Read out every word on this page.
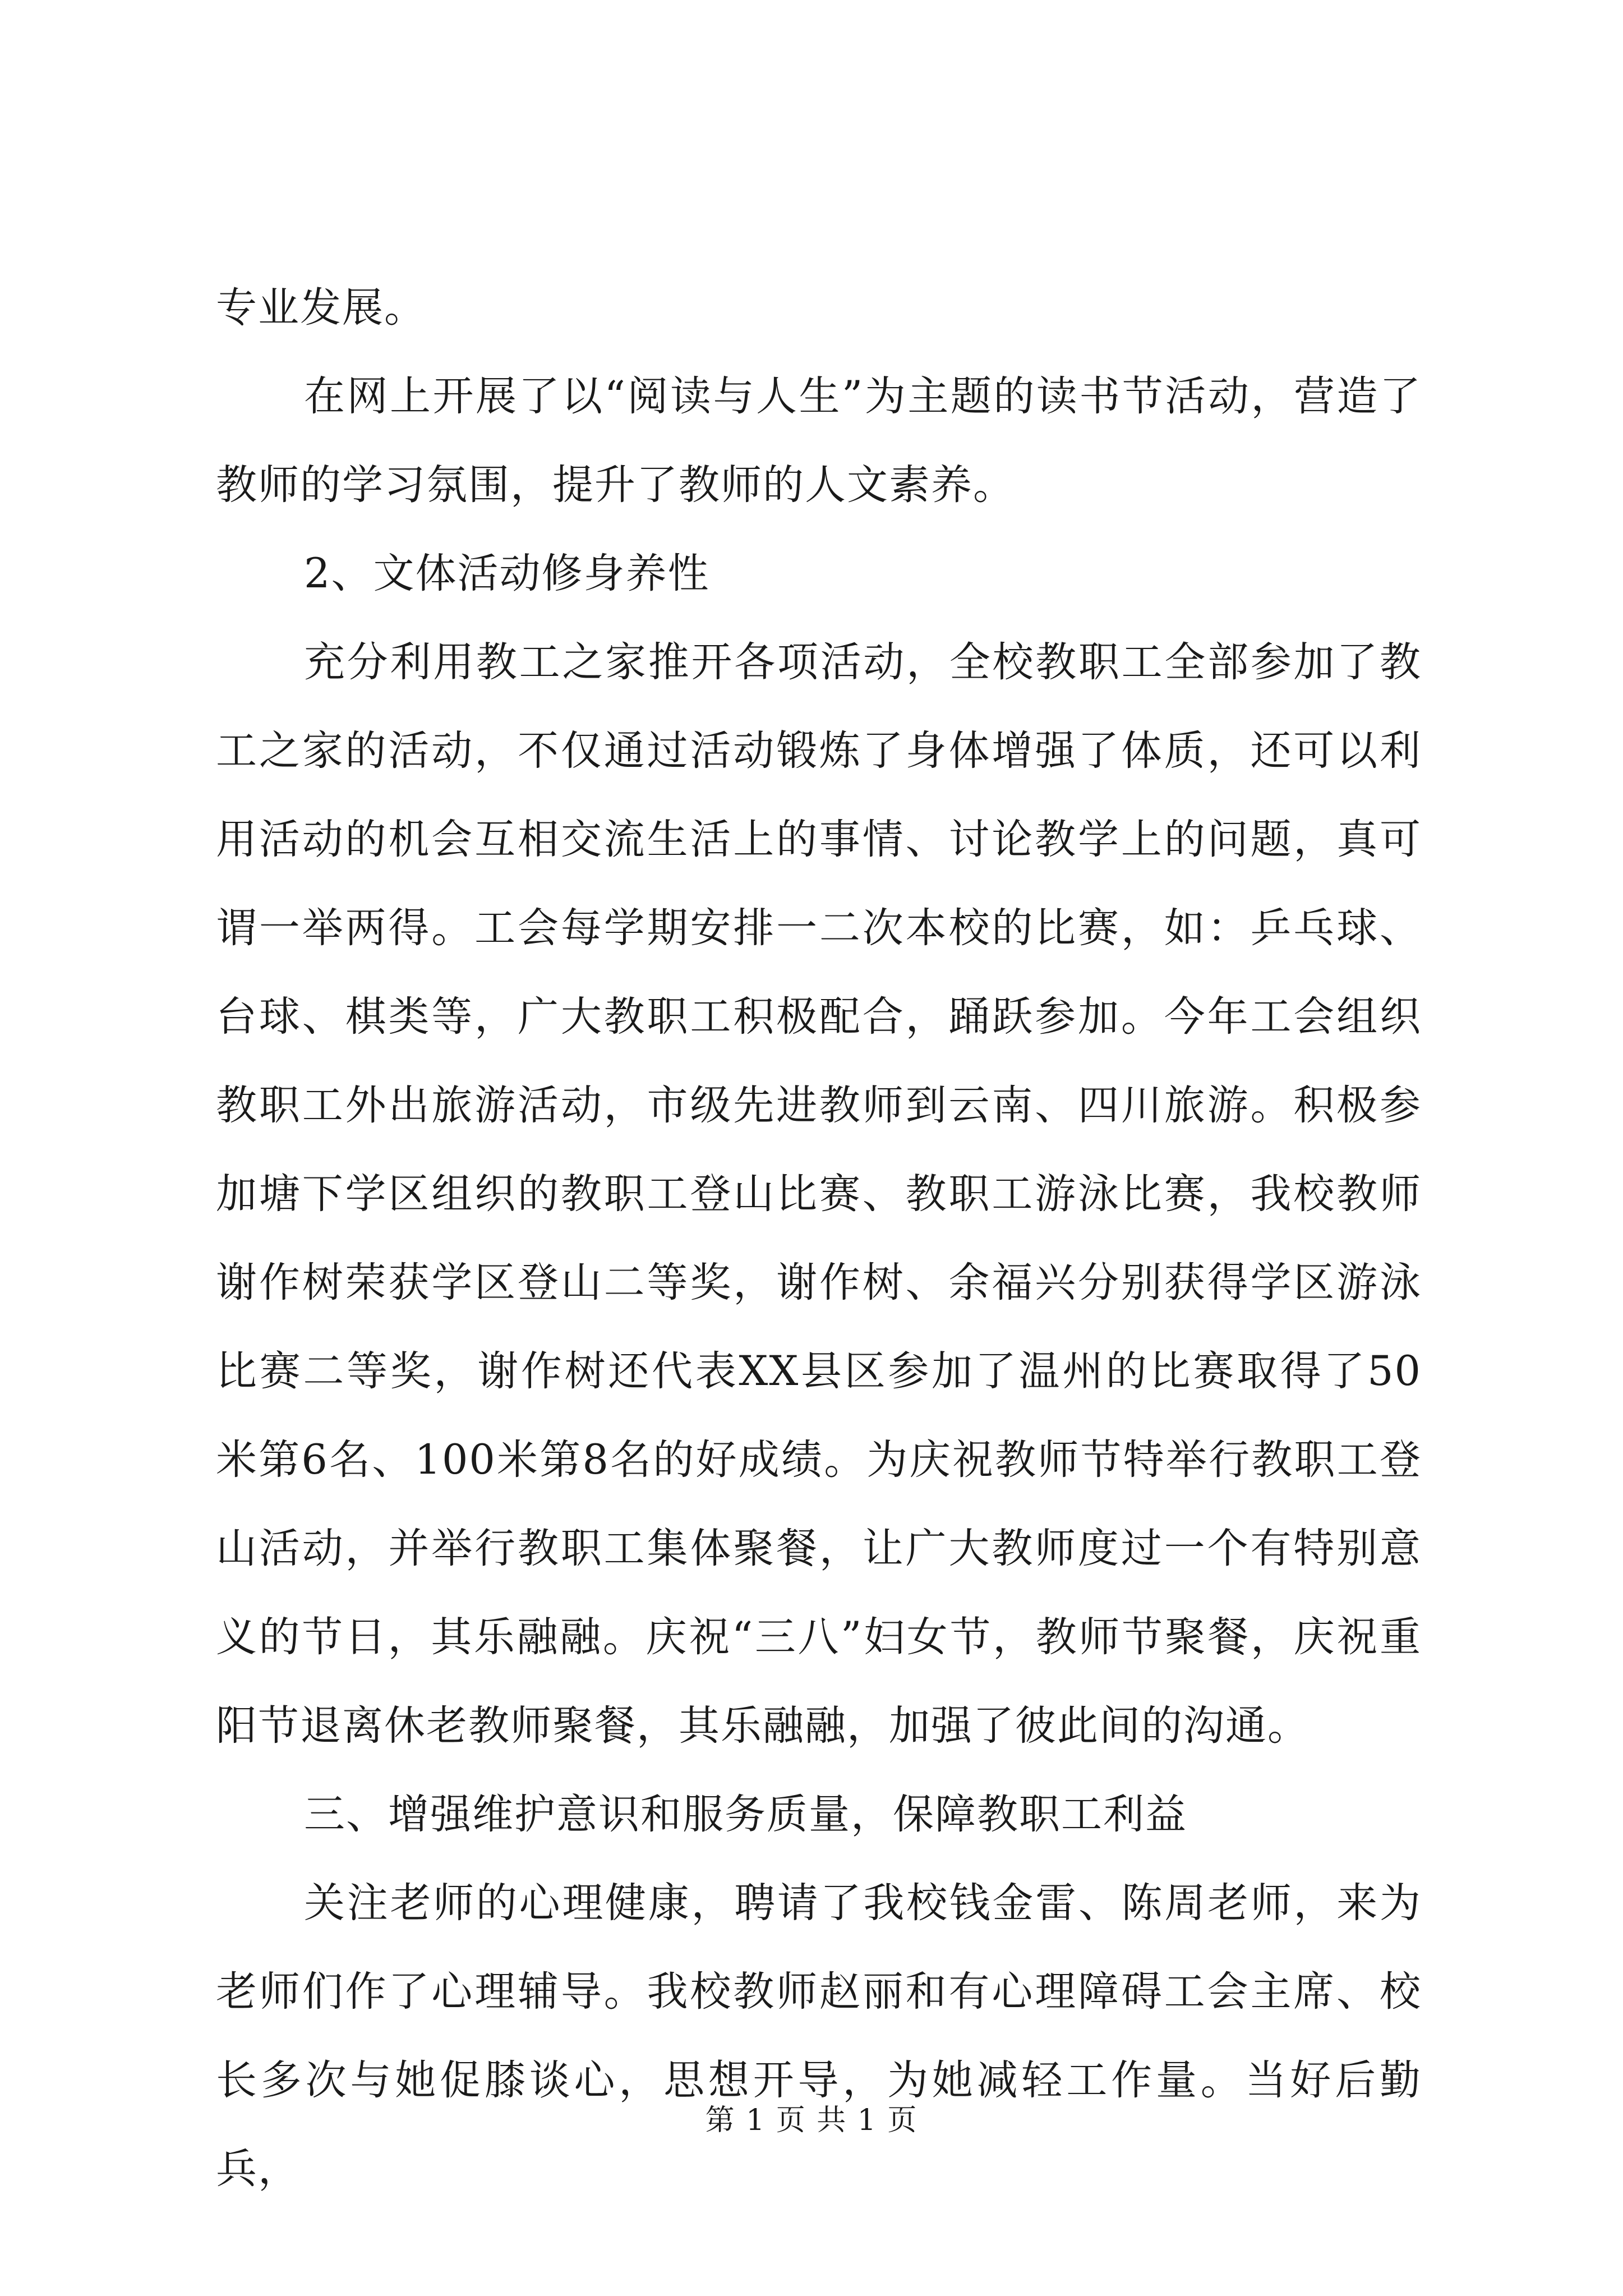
专业发展。

在网上开展了以“阅读与人生”为主题的读书节活动，营造了教师的学习氛围，提升了教师的人文素养。

2、文体活动修身养性

充分利用教工之家推开各项活动，全校教职工全部参加了教工之家的活动，不仅通过活动锻炼了身体增强了体质，还可以利用活动的机会互相交流生活上的事情、讨论教学上的问题，真可谓一举两得。工会每学期安排一二次本校的比赛，如：乒乓球、台球、棋类等，广大教职工积极配合，踊跃参加。今年工会组织教职工外出旅游活动，市级先进教师到云南、四川旅游。积极参加塘下学区组织的教职工登山比赛、教职工游泳比赛，我校教师谢作树荣获学区登山二等奖，谢作树、余福兴分别获得学区游泳比赛二等奖，谢作树还代表XX县区参加了温州的比赛取得了50米第6名、100米第8名的好成绩。为庆祝教师节特举行教职工登山活动，并举行教职工集体聚餐，让广大教师度过一个有特别意义的节日，其乐融融。庆祝“三八”妇女节，教师节聚餐，庆祝重阳节退离休老教师聚餐，其乐融融，加强了彼此间的沟通。

三、增强维护意识和服务质量，保障教职工利益

关注老师的心理健康，聘请了我校钱金雷、陈周老师，来为老师们作了心理辅导。我校教师赵丽和有心理障碍工会主席、校长多次与她促膝谈心，思想开导，为她减轻工作量。当好后勤兵，

第 1 页 共 1 页
